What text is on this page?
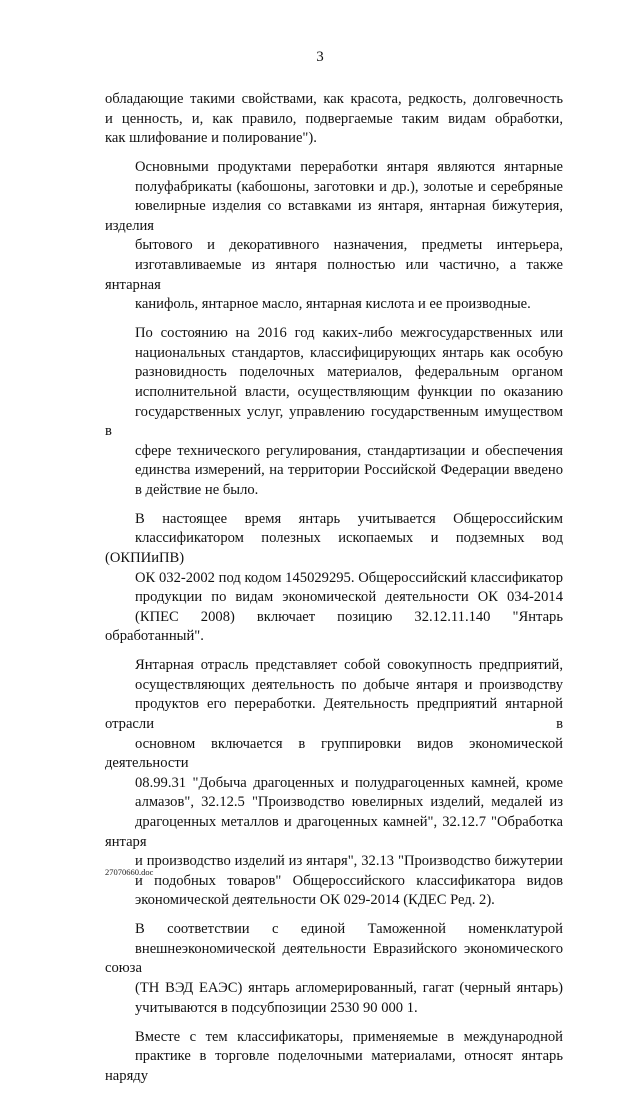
3
обладающие такими свойствами, как красота, редкость, долговечность
и ценность, и, как правило, подвергаемые таким видам обработки,
как шлифование и полирование").
Основными продуктами переработки янтаря являются янтарные
полуфабрикаты (кабошоны, заготовки и др.), золотые и серебряные
ювелирные изделия со вставками из янтаря, янтарная бижутерия, изделия
бытового и декоративного назначения, предметы интерьера,
изготавливаемые из янтаря полностью или частично, а также янтарная
канифоль, янтарное масло, янтарная кислота и ее производные.
По состоянию на 2016 год каких-либо межгосударственных или
национальных стандартов, классифицирующих янтарь как особую
разновидность поделочных материалов, федеральным органом
исполнительной власти, осуществляющим функции по оказанию
государственных услуг, управлению государственным имуществом в
сфере технического регулирования, стандартизации и обеспечения
единства измерений, на территории Российской Федерации введено
в действие не было.
В настоящее время янтарь учитывается Общероссийским
классификатором полезных ископаемых и подземных вод (ОКПИиПВ)
ОК 032-2002 под кодом 145029295. Общероссийский классификатор
продукции по видам экономической деятельности ОК 034-2014
(КПЕС 2008) включает позицию 32.12.11.140 "Янтарь обработанный".
Янтарная отрасль представляет собой совокупность предприятий,
осуществляющих деятельность по добыче янтаря и производству
продуктов его переработки. Деятельность предприятий янтарной отрасли в
основном включается в группировки видов экономической деятельности
08.99.31 "Добыча драгоценных и полудрагоценных камней, кроме
алмазов", 32.12.5 "Производство ювелирных изделий, медалей из
драгоценных металлов и драгоценных камней", 32.12.7 "Обработка янтаря
и производство изделий из янтаря", 32.13 "Производство бижутерии
и подобных товаров" Общероссийского классификатора видов
экономической деятельности ОК 029-2014 (КДЕС Ред. 2).
В соответствии с единой Таможенной номенклатурой
внешнеэкономической деятельности Евразийского экономического союза
(ТН ВЭД ЕАЭС) янтарь агломерированный, гагат (черный янтарь)
учитываются в подсубпозиции 2530 90 000 1.
Вместе с тем классификаторы, применяемые в международной
практике в торговле поделочными материалами, относят янтарь наряду
27070660.doc
